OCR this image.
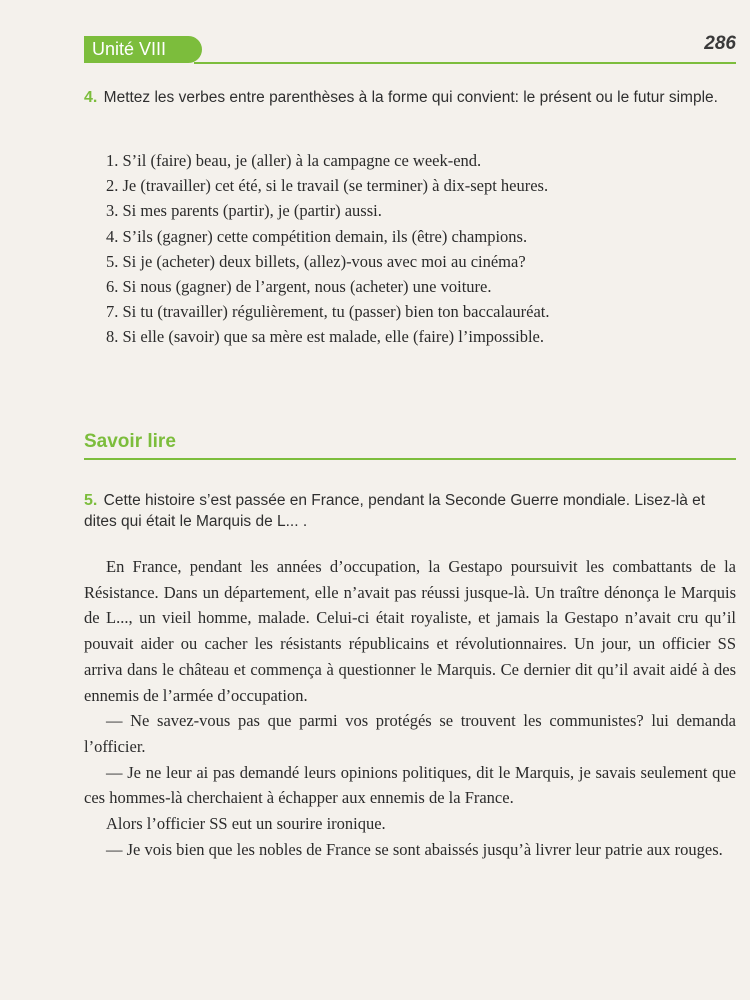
Unité VIII	286
4. Mettez les verbes entre parenthèses à la forme qui convient: le présent ou le futur simple.
1. S’il (faire) beau, je (aller) à la campagne ce week-end.
2. Je (travailler) cet été, si le travail (se terminer) à dix-sept heures.
3. Si mes parents (partir), je (partir) aussi.
4. S’ils (gagner) cette compétition demain, ils (être) champions.
5. Si je (acheter) deux billets, (allez)-vous avec moi au cinéma?
6. Si nous (gagner) de l’argent, nous (acheter) une voiture.
7. Si tu (travailler) régulièrement, tu (passer) bien ton baccalauréat.
8. Si elle (savoir) que sa mère est malade, elle (faire) l’impossible.
Savoir lire
5. Cette histoire s’est passée en France, pendant la Seconde Guerre mondiale. Lisez-là et dites qui était le Marquis de L... .

En France, pendant les années d’occupation, la Gestapo poursuivit les combattants de la Résistance. Dans un département, elle n’avait pas réussi jusque-là. Un traître dénonça le Marquis de L..., un vieil homme, malade. Celui-ci était royaliste, et jamais la Gestapo n’avait cru qu’il pouvait aider ou cacher les résistants républicains et révolutionnaires. Un jour, un officier SS arriva dans le château et commença à questionner le Marquis. Ce dernier dit qu’il avait aidé à des ennemis de l’armée d’occupation.

— Ne savez-vous pas que parmi vos protégés se trouvent les communistes? lui demanda l’officier.

— Je ne leur ai pas demandé leurs opinions politiques, dit le Marquis, je savais seulement que ces hommes-là cherchaient à échapper aux ennemis de la France.

Alors l’officier SS eut un sourire ironique.

— Je vois bien que les nobles de France se sont abaissés jusqu’à livrer leur patrie aux rouges.
